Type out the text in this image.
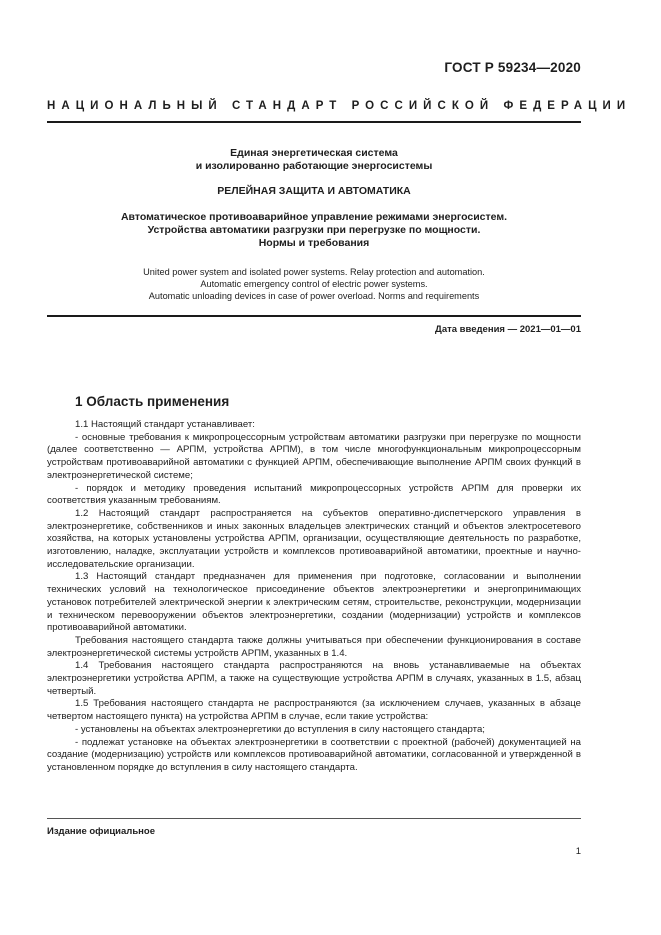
ГОСТ Р 59234—2020
НАЦИОНАЛЬНЫЙ СТАНДАРТ РОССИЙСКОЙ ФЕДЕРАЦИИ
Единая энергетическая система
и изолированно работающие энергосистемы
РЕЛЕЙНАЯ ЗАЩИТА И АВТОМАТИКА
Автоматическое противоаварийное управление режимами энергосистем.
Устройства автоматики разгрузки при перегрузке по мощности.
Нормы и требования
United power system and isolated power systems. Relay protection and automation.
Automatic emergency control of electric power systems.
Automatic unloading devices in case of power overload. Norms and requirements
Дата введения — 2021—01—01
1 Область применения

1.1 Настоящий стандарт устанавливает:

- основные требования к микропроцессорным устройствам автоматики разгрузки при перегрузке по мощности (далее соответственно — АРПМ, устройства АРПМ), в том числе многофункциональным микропроцессорным устройствам противоаварийной автоматики с функцией АРПМ, обеспечивающие выполнение АРПМ своих функций в электроэнергетической системе;

- порядок и методику проведения испытаний микропроцессорных устройств АРПМ для проверки их соответствия указанным требованиям.

1.2 Настоящий стандарт распространяется на субъектов оперативно-диспетчерского управления в электроэнергетике, собственников и иных законных владельцев электрических станций и объектов электросетевого хозяйства, на которых установлены устройства АРПМ, организации, осуществляющие деятельность по разработке, изготовлению, наладке, эксплуатации устройств и комплексов противоаварийной автоматики, проектные и научно-исследовательские организации.

1.3 Настоящий стандарт предназначен для применения при подготовке, согласовании и выполнении технических условий на технологическое присоединение объектов электроэнергетики и энергопринимающих установок потребителей электрической энергии к электрическим сетям, строительстве, реконструкции, модернизации и техническом перевооружении объектов электроэнергетики, создании (модернизации) устройств и комплексов противоаварийной автоматики.

Требования настоящего стандарта также должны учитываться при обеспечении функционирования в составе электроэнергетической системы устройств АРПМ, указанных в 1.4.

1.4 Требования настоящего стандарта распространяются на вновь устанавливаемые на объектах электроэнергетики устройства АРПМ, а также на существующие устройства АРПМ в случаях, указанных в 1.5, абзац четвертый.

1.5 Требования настоящего стандарта не распространяются (за исключением случаев, указанных в абзаце четвертом настоящего пункта) на устройства АРПМ в случае, если такие устройства:

- установлены на объектах электроэнергетики до вступления в силу настоящего стандарта;

- подлежат установке на объектах электроэнергетики в соответствии с проектной (рабочей) документацией на создание (модернизацию) устройств или комплексов противоаварийной автоматики, согласованной и утвержденной в установленном порядке до вступления в силу настоящего стандарта.

Издание официальное
1
